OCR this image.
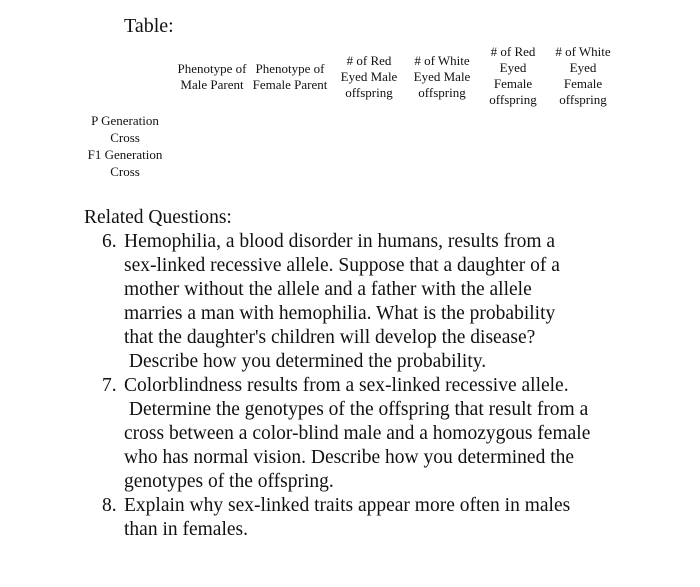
Table:
Phenotype of
Male Parent
Phenotype of
Female Parent
# of Red
Eyed Male
offspring
# of White
Eyed Male
offspring
# of Red
Eyed
Female
offspring
# of White
Eyed
Female
offspring
P Generation
Cross
F1 Generation
Cross
Related Questions:
6. Hemophilia, a blood disorder in humans, results from a
sex-linked recessive allele. Suppose that a daughter of a
mother without the allele and a father with the allele
marries a man with hemophilia. What is the probability
that the daughter's children will develop the disease?
Describe how you determined the probability.
7. Colorblindness results from a sex-linked recessive allele.
Determine the genotypes of the offspring that result from a
cross between a color-blind male and a homozygous female
who has normal vision. Describe how you determined the
genotypes of the offspring.
8. Explain why sex-linked traits appear more often in males
than in females.
